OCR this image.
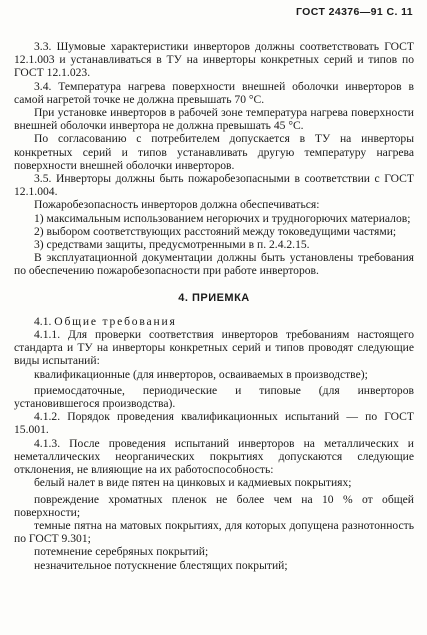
ГОСТ 24376—91 С. 11

3.3. Шумовые характеристики инверторов должны соответствовать ГОСТ 12.1.003 и устанавливаться в ТУ на инверторы конкретных серий и типов по ГОСТ 12.1.023.

3.4. Температура нагрева поверхности внешней оболочки инверторов в самой нагретой точке не должна превышать 70 °С.

При установке инверторов в рабочей зоне температура нагрева поверхности внешней оболочки инвертора не должна превышать 45 °С.

По согласованию с потребителем допускается в ТУ на инверторы конкретных серий и типов устанавливать другую температуру нагрева поверхности внешней оболочки инверторов.

3.5. Инверторы должны быть пожаробезопасными в соответствии с ГОСТ 12.1.004.

Пожаробезопасность инверторов должна обеспечиваться:

1) максимальным использованием негорючих и трудногорючих материалов;

2) выбором соответствующих расстояний между токоведущими частями;

3) средствами защиты, предусмотренными в п. 2.4.2.15.

В эксплуатационной документации должны быть установлены требования по обеспечению пожаробезопасности при работе инверторов.

4. ПРИЕМКА

4.1. Общие требования

4.1.1. Для проверки соответствия инверторов требованиям настоящего стандарта и ТУ на инверторы конкретных серий и типов проводят следующие виды испытаний:

квалификационные (для инверторов, осваиваемых в производстве);

приемосдаточные, периодические и типовые (для инверторов установившегося производства).

4.1.2. Порядок проведения квалификационных испытаний — по ГОСТ 15.001.

4.1.3. После проведения испытаний инверторов на металлических и неметаллических неорганических покрытиях допускаются следующие отклонения, не влияющие на их работоспособность:

белый налет в виде пятен на цинковых и кадмиевых покрытиях;

повреждение хроматных пленок не более чем на 10 % от общей поверхности;

темные пятна на матовых покрытиях, для которых допущена разнотонность по ГОСТ 9.301;

потемнение серебряных покрытий;

незначительное потускнение блестящих покрытий;
